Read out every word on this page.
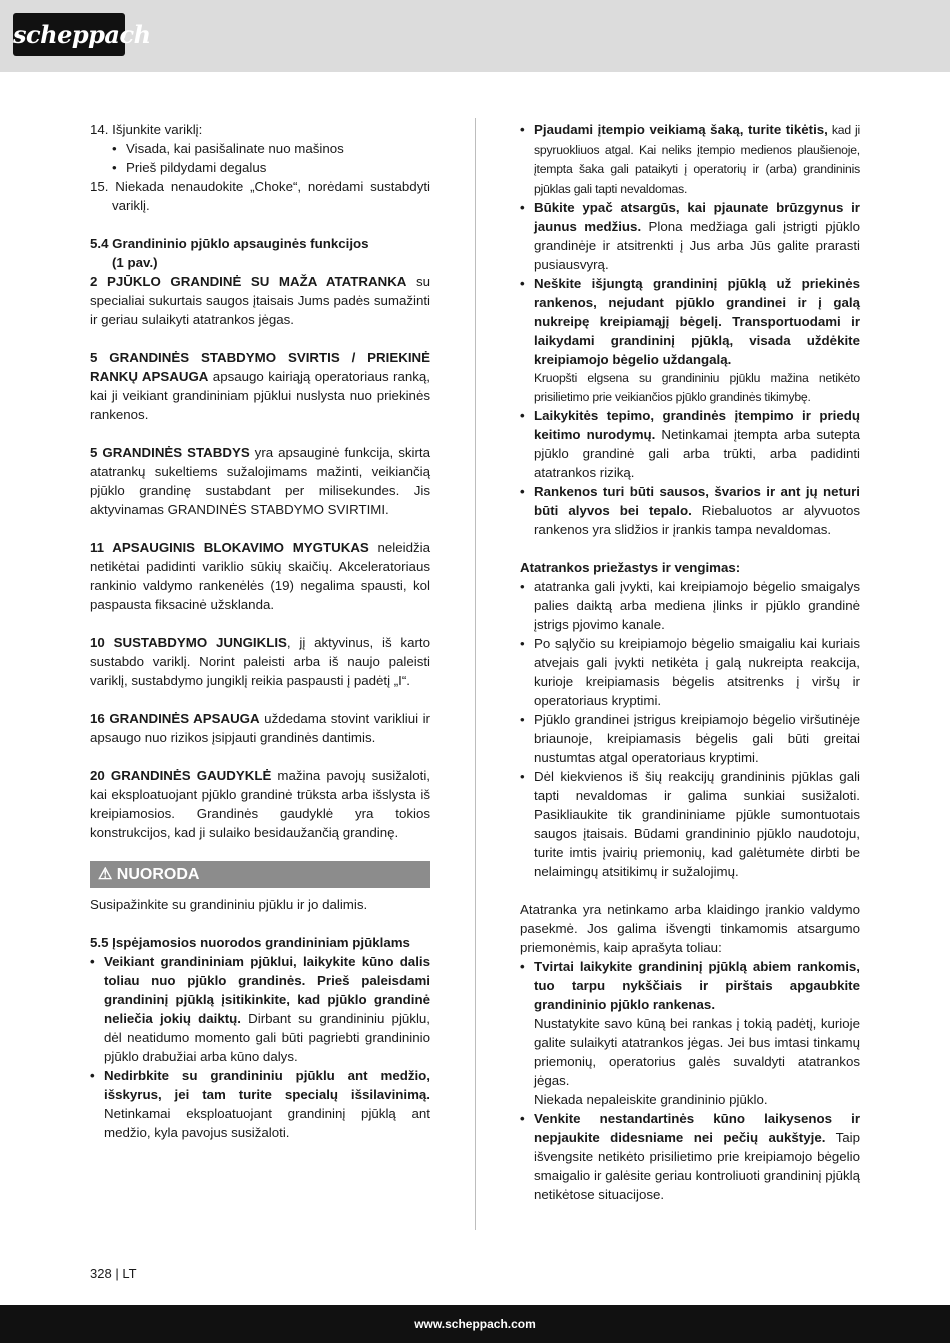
scheppach

14. Išjunkite variklį:

• Visada, kai pasišalinate nuo mašinos

• Prieš pildydami degalus

15. Niekada nenaudokite „Choke“, norėdami sustabdyti variklį.

5.4 Grandininio pjūklo apsauginės funkcijos

(1 pav.)

2 PJŪKLO GRANDINĖ SU MAŽA ATATRANKA su specialiai sukurtais saugos įtaisais Jums padės sumažinti ir geriau sulaikyti atatrankos jėgas.

5 GRANDINĖS STABDYMO SVIRTIS / PRIEKINĖ RANKŲ APSAUGA apsaugo kairiąją operatoriaus ranką, kai ji veikiant grandininiam pjūklui nuslysta nuo priekinės rankenos.

5 GRANDINĖS STABDYS yra apsauginė funkcija, skirta atatrankų sukeltiems sužalojimams mažinti, veikiančią pjūklo grandinę sustabdant per milisekundes. Jis aktyvinamas GRANDINĖS STABDYMO SVIRTIMI.

11 APSAUGINIS BLOKAVIMO MYGTUKAS neleidžia netikėtai padidinti variklio sūkių skaičių. Akceleratoriaus rankinio valdymo rankenėlės (19) negalima spausti, kol paspausta fiksacinė užsklanda.

10 SUSTABDYMO JUNGIKLIS, jį aktyvinus, iš karto sustabdo variklį. Norint paleisti arba iš naujo paleisti variklį, sustabdymo jungiklį reikia paspausti į padėtį „I“.

16 GRANDINĖS APSAUGA uždedama stovint varikliui ir apsaugo nuo rizikos įsipjauti grandinės dantimis.

20 GRANDINĖS GAUDYKLĖ mažina pavojų susižaloti, kai eksploatuojant pjūklo grandinė trūksta arba išslysta iš kreipiamosios. Grandinės gaudyklė yra tokios konstrukcijos, kad ji sulaiko besidaužančią grandinę.

⚠ NUORODA

Susipažinkite su grandininiu pjūklu ir jo dalimis.

5.5 Įspėjamosios nuorodos grandininiam pjūklams

• Veikiant grandininiam pjūklui, laikykite kūno dalis toliau nuo pjūklo grandinės. Prieš paleisdami grandininį pjūklą įsitikinkite, kad pjūklo grandinė neliečia jokių daiktų. Dirbant su grandininiu pjūklu, dėl neatidumo momento gali būti pagriebti grandininio pjūklo drabužiai arba kūno dalys.

• Nedirbkite su grandininiu pjūklu ant medžio, išskyrus, jei tam turite specialų išsilavinimą. Netinkamai eksploatuojant grandininį pjūklą ant medžio, kyla pavojus susižaloti.

• Pjaudami įtempio veikiamą šaką, turite tikėtis, kad ji spyruokliuos atgal. Kai neliks įtempio medienos plaušienoje, įtempta šaka gali pataikyti į operatorių ir (arba) grandininis pjūklas gali tapti nevaldomas.

• Būkite ypač atsargūs, kai pjaunate brūzgynus ir jaunus medžius. Plona medžiaga gali įstrigti pjūklo grandinėje ir atsitrenkti į Jus arba Jūs galite prarasti pusiausvyrą.

• Neškite išjungtą grandininį pjūklą už priekinės rankenos, nejudant pjūklo grandinei ir į galą nukreipę kreipiamąjį bėgelį. Transportuodami ir laikydami grandininį pjūklą, visada uždėkite kreipiamojo bėgelio uždangalą.

Kruopšti elgsena su grandininiu pjūklu mažina netikėto prisilietimo prie veikiančios pjūklo grandinės tikimybę.

• Laikykitės tepimo, grandinės įtempimo ir priedų keitimo nurodymų. Netinkamai įtempta arba sutepta pjūklo grandinė gali arba trūkti, arba padidinti atatrankos riziką.

• Rankenos turi būti sausos, švarios ir ant jų neturi būti alyvos bei tepalo. Riebaluotos ar alyvuotos rankenos yra slidžios ir įrankis tampa nevaldomas.

Atatrankos priežastys ir vengimas:

• atatranka gali įvykti, kai kreipiamojo bėgelio smaigalys palies daiktą arba mediena įlinks ir pjūklo grandinė įstrigs pjovimo kanale.

• Po sąlyčio su kreipiamojo bėgelio smaigaliu kai kuriais atvejais gali įvykti netikėta į galą nukreipta reakcija, kurioje kreipiamasis bėgelis atsitrenks į viršų ir operatoriaus kryptimi.

• Pjūklo grandinei įstrigus kreipiamojo bėgelio viršutinėje briaunoje, kreipiamasis bėgelis gali būti greitai nustumtas atgal operatoriaus kryptimi.

• Dėl kiekvienos iš šių reakcijų grandininis pjūklas gali tapti nevaldomas ir galima sunkiai susižaloti. Pasikliaukite tik grandininiame pjūkle sumontuotais saugos įtaisais. Būdami grandininio pjūklo naudotoju, turite imtis įvairių priemonių, kad galėtumėte dirbti be nelaimingų atsitikimų ir sužalojimų.

Atatranka yra netinkamo arba klaidingo įrankio valdymo pasekmė. Jos galima išvengti tinkamomis atsargumo priemonėmis, kaip aprašyta toliau:

• Tvirtai laikykite grandininį pjūklą abiem rankomis, tuo tarpu nykščiais ir pirštais apgaubkite grandininio pjūklo rankenas.

Nustatykite savo kūną bei rankas į tokią padėtį, kurioje galite sulaikyti atatrankos jėgas. Jei bus imtasi tinkamų priemonių, operatorius galės suvaldyti atatrankos jėgas.

Niekada nepaleiskite grandininio pjūklo.

• Venkite nestandartinės kūno laikysenos ir nepjaukite didesniame nei pečių aukštyje. Taip išvengsite netikėto prisilietimo prie kreipiamojo bėgelio smaigalio ir galėsite geriau kontroliuoti grandininį pjūklą netikėtose situacijose.

328 | LT
www.scheppach.com
